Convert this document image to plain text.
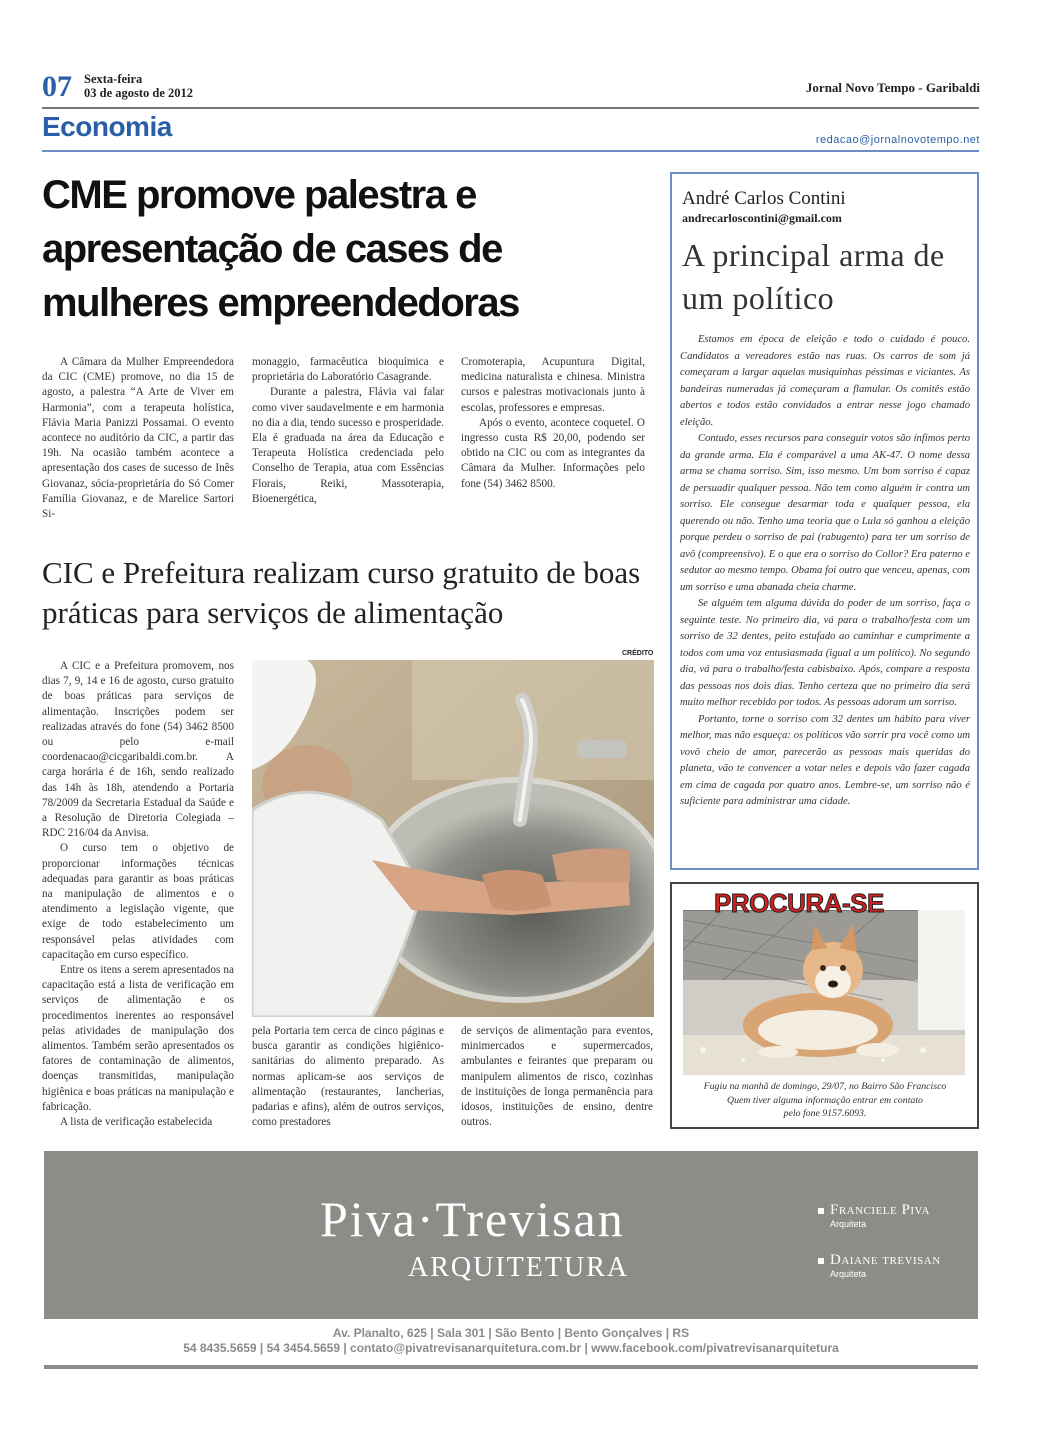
07 Sexta-feira
03 de agosto de 2012	Jornal Novo Tempo - Garibaldi
Economia	redacao@jornalnovotempo.net
CME promove palestra e apresentação de cases de mulheres empreendedoras

A Câmara da Mulher Empreendedora da CIC (CME) promove, no dia 15 de agosto, a palestra “A Arte de Viver em Harmonia”, com a terapeuta holística, Flávia Maria Panizzi Possamai. O evento acontece no auditório da CIC, a partir das 19h. Na ocasião também acontece a apresentação dos cases de sucesso de Inês Giovanaz, sócia-proprietária do Só Comer Família Giovanaz, e de Marelice Sartori Si-

monaggio, farmacêutica bioquímica e proprietária do Laboratório Casagrande.

Durante a palestra, Flávia vai falar como viver saudavelmente e em harmonia no dia a dia, tendo sucesso e prosperidade. Ela é graduada na área da Educação e Terapeuta Holística credenciada pelo Conselho de Terapia, atua com Essências Florais, Reiki, Massoterapia, Bioenergética,

Cromoterapia, Acupuntura Digital, medicina naturalista e chinesa. Ministra cursos e palestras motivacionais junto à escolas, professores e empresas.

Após o evento, acontece coquetel. O ingresso custa R$ 20,00, podendo ser obtido na CIC ou com as integrantes da Câmara da Mulher. Informações pelo fone (54) 3462 8500.

CIC e Prefeitura realizam curso gratuito de boas práticas para serviços de alimentação
CRÉDITO

A CIC e a Prefeitura promovem, nos dias 7, 9, 14 e 16 de agosto, curso gratuito de boas práticas para serviços de alimentação. Inscrições podem ser realizadas através do fone (54) 3462 8500 ou pelo e-mail coordenacao@cicgaribaldi.com.br. A carga horária é de 16h, sendo realizado das 14h às 18h, atendendo a Portaria 78/2009 da Secretaria Estadual da Saúde e a Resolução de Diretoria Colegiada – RDC 216/04 da Anvisa.

O curso tem o objetivo de proporcionar informações técnicas adequadas para garantir as boas práticas na manipulação de alimentos e o atendimento a legislação vigente, que exige de todo estabelecimento um responsável pelas atividades com capacitação em curso específico.

Entre os itens a serem apresentados na capacitação está a lista de verificação em serviços de alimentação e os procedimentos inerentes ao responsável pelas atividades de manipulação dos alimentos. Também serão apresentados os fatores de contaminação de alimentos, doenças transmitidas, manipulação higiênica e boas práticas na manipulação e fabricação.

A lista de verificação estabelecida

pela Portaria tem cerca de cinco páginas e busca garantir as condições higiênico-sanitárias do alimento preparado. As normas aplicam-se aos serviços de alimentação (restaurantes, lancherias, padarias e afins), além de outros serviços, como prestadores

de serviços de alimentação para eventos, minimercados e supermercados, ambulantes e feirantes que preparam ou manipulem alimentos de risco, cozinhas de instituições de longa permanência para idosos, instituições de ensino, dentre outros.

André Carlos Contini
andrecarloscontini@gmail.com
A principal arma de um político

Estamos em época de eleição e todo o cuidado é pouco. Candidatos a vereadores estão nas ruas. Os carros de som já começaram a largar aquelas musiquinhas péssimas e viciantes. As bandeiras numeradas já começaram a flamular. Os comitês estão abertos e todos estão convidados a entrar nesse jogo chamado eleição.

Contudo, esses recursos para conseguir votos são ínfimos perto da grande arma. Ela é comparável a uma AK-47. O nome dessa arma se chama sorriso. Sim, isso mesmo. Um bom sorriso é capaz de persuadir qualquer pessoa. Não tem como alguém ir contra um sorriso. Ele consegue desarmar toda e qualquer pessoa, ela querendo ou não. Tenho uma teoria que o Lula só ganhou a eleição porque perdeu o sorriso de pai (rabugento) para ter um sorriso de avô (compreensivo). E o que era o sorriso do Collor? Era paterno e sedutor ao mesmo tempo. Obama foi outro que venceu, apenas, com um sorriso e uma abanada cheia charme.

Se alguém tem alguma dúvida do poder de um sorriso, faça o seguinte teste. No primeiro dia, vá para o trabalho/festa com um sorriso de 32 dentes, peito estufado ao caminhar e cumprimente a todos com uma voz entusiasmada (igual a um político). No segundo dia, vá para o trabalho/festa cabisbaixo. Após, compare a resposta das pessoas nos dois dias. Tenho certeza que no primeiro dia será muito melhor recebido por todos. As pessoas adoram um sorriso.

Portanto, torne o sorriso com 32 dentes um hábito para viver melhor, mas não esqueça: os políticos vão sorrir pra você como um vovô cheio de amor, parecerão as pessoas mais queridas do planeta, vão te convencer a votar neles e depois vão fazer cagada em cima de cagada por quatro anos. Lembre-se, um sorriso não é suficiente para administrar uma cidade.

PROCURA-SE
Fugiu na manhã de domingo, 29/07, no Bairro São Francisco
Quem tiver alguma informação entrar em contato
pelo fone 9157.6093.
Piva·Trevisan
ARQUITETURA
Franciele Piva
Arquiteta
Daiane trevisan
Arquiteta
Av. Planalto, 625 | Sala 301 | São Bento | Bento Gonçalves | RS
54 8435.5659 | 54 3454.5659 | contato@pivatrevisanarquitetura.com.br | www.facebook.com/pivatrevisanarquitetura
